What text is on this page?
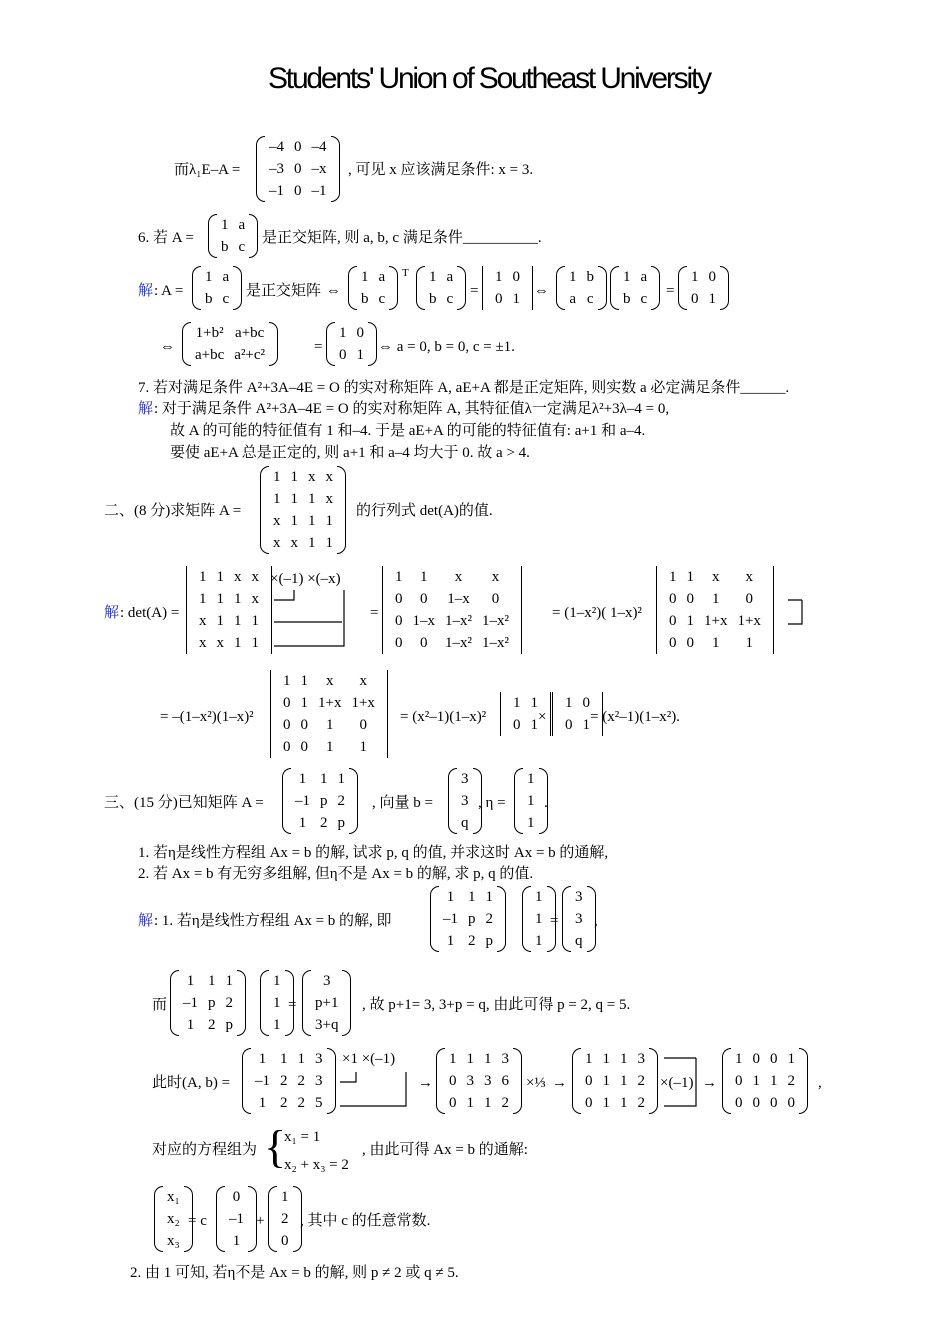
Students' Union of Southeast University
而λ₁E–A =
–4	0	–4
–3	0	–x
–1	0	–1
, 可见 x 应该满足条件: x = 3.
6. 若 A =
1	a
b	c
是正交矩阵, 则 a, b, c 满足条件__________.
解 : A =
1	a
b	c 是正交矩阵 ⇔
1	a
b	c
T 1	a
b	c =
1	0
0	1 ⇔
1	b
a	c
1	a
b	c =
1	0
0	1
⇔
1+b²	a+bc
a+bc	a²+c²	=
1	0
0	1 ⇔ a = 0, b = 0, c = ±1.
7. 若对满足条件 A²+3A–4E = O 的实对称矩阵 A, aE+A 都是正定矩阵, 则实数 a 必定满足条件______.
解 : 对于满足条件 A²+3A–4E = O 的实对称矩阵 A, 其特征值λ一定满足λ²+3λ–4 = 0,
故 A 的可能的特征值有 1 和–4. 于是 aE+A 的可能的特征值有: a+1 和 a–4.
要使 aE+A 总是正定的, 则 a+1 和 a–4 均大于 0. 故 a > 4.
二、(8 分)求矩阵 A =
1	1	x	x
1	1	1	x
x	1	1	1
x	x	1	1
的行列式 det(A)的值.
解 : det(A) =
1	1	x	x
1	1	1	x
x	1	1	1
x	x	1	1
×(–1) ×(–x)
=
1	1	x	x
0	0	1–x	0
0	1–x	1–x²	1–x²
0	0	1–x²	1–x²
= (1–x²)( 1–x)²
1	1	x	x
0	0	1	0
0	1	1+x	1+x
0	0	1	1
= –(1–x²)(1–x)²
1	1	x	x
0	1	1+x	1+x
0	0	1	0
0	0	1	1
= (x²–1)(1–x)²
1	1
0	1 ×
1	0
0	1 = (x²–1)(1–x²).
三、(15 分)已知矩阵 A =
1	1	1
–1	p	2
1	2	p
, 向量 b =
3
3
q
, η =
1
1
1
.
1. 若η是线性方程组 Ax = b 的解, 试求 p, q 的值, 并求这时 Ax = b 的通解,
2. 若 Ax = b 有无穷多组解, 但η不是 Ax = b 的解, 求 p, q 的值.
解 : 1. 若η是线性方程组 Ax = b 的解, 即
1	1	1
–1	p	2
1	2	p
1
1
1
=
3
3
q
,
而
1	1	1
–1	p	2
1	2	p
1
1
1
=
3
p+1
3+q
, 故 p+1= 3, 3+p = q, 由此可得 p = 2, q = 5.
此时(A, b) =
1	1	1	3
–1	2	2	3
1	2	2	5
×1 ×(–1)
→
1	1	1	3
0	3	3	6
0	1	1	2
×⅓ →
1	1	1	3
0	1	1	2
0	1	1	2
×(–1) →
1	0	0	1
0	1	1	2
0	0	0	0
,
对应的方程组为 {
x₁ = 1
x₂ + x₃ = 2
, 由此可得 Ax = b 的通解:
x₁
x₂
x₃
= c
0
–1
1
+
1
2
0
, 其中 c 的任意常数.
2. 由 1 可知, 若η不是 Ax = b 的解, 则 p ≠ 2 或 q ≠ 5.
